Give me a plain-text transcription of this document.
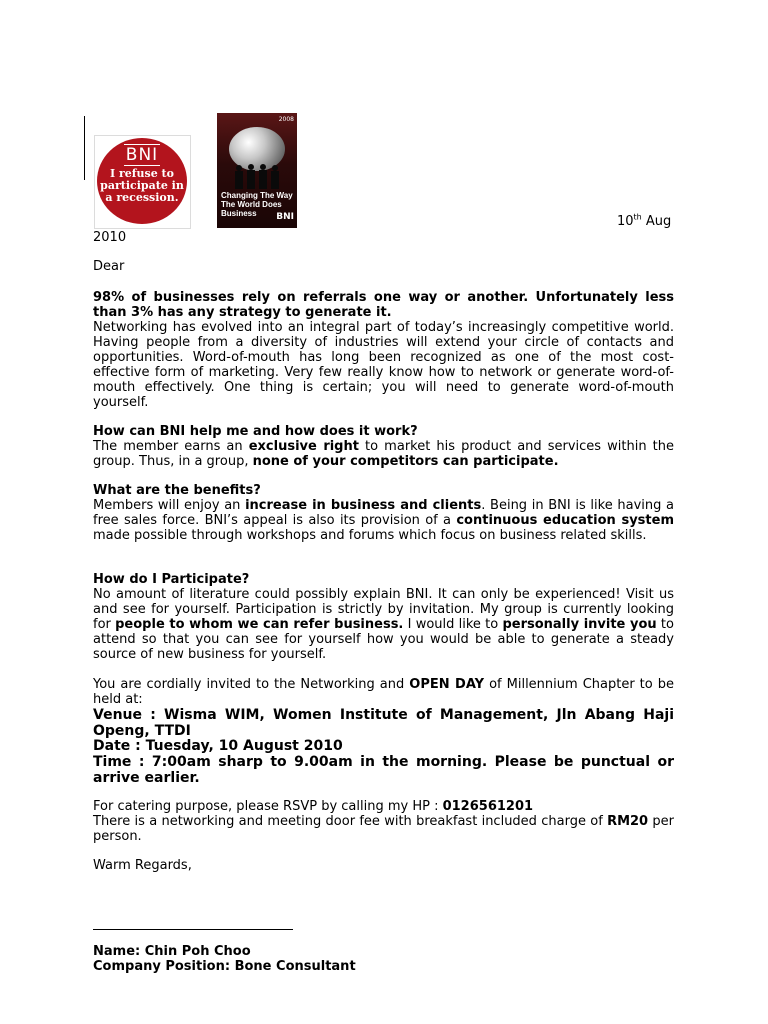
BNI
I refuse to participate in a recession.
2008
Changing The Way The World Does Business	BNI	10th Aug
2010
Dear
98% of businesses rely on referrals one way or another. Unfortunately less than 3% has any strategy to generate it.
Networking has evolved into an integral part of today’s increasingly competitive world. Having people from a diversity of industries will extend your circle of contacts and opportunities. Word-of-mouth has long been recognized as one of the most cost-effective form of marketing. Very few really know how to network or generate word-of-mouth effectively. One thing is certain; you will need to generate word-of-mouth yourself.
How can BNI help me and how does it work?
The member earns an exclusive right to market his product and services within the group. Thus, in a group, none of your competitors can participate.
What are the benefits?
Members will enjoy an increase in business and clients. Being in BNI is like having a free sales force. BNI’s appeal is also its provision of a continuous education system made possible through workshops and forums which focus on business related skills.
How do I Participate?
No amount of literature could possibly explain BNI. It can only be experienced! Visit us and see for yourself. Participation is strictly by invitation. My group is currently looking for people to whom we can refer business. I would like to personally invite you to attend so that you can see for yourself how you would be able to generate a steady source of new business for yourself.
You are cordially invited to the Networking and OPEN DAY of Millennium Chapter to be held at:
Venue : Wisma WIM, Women Institute of Management, Jln Abang Haji Openg, TTDI
Date : Tuesday, 10 August 2010
Time : 7:00am sharp to 9.00am in the morning. Please be punctual or arrive earlier.
For catering purpose, please RSVP by calling my HP : 0126561201
There is a networking and meeting door fee with breakfast included charge of RM20 per person.
Warm Regards,
Name: Chin Poh Choo
Company Position: Bone Consultant
